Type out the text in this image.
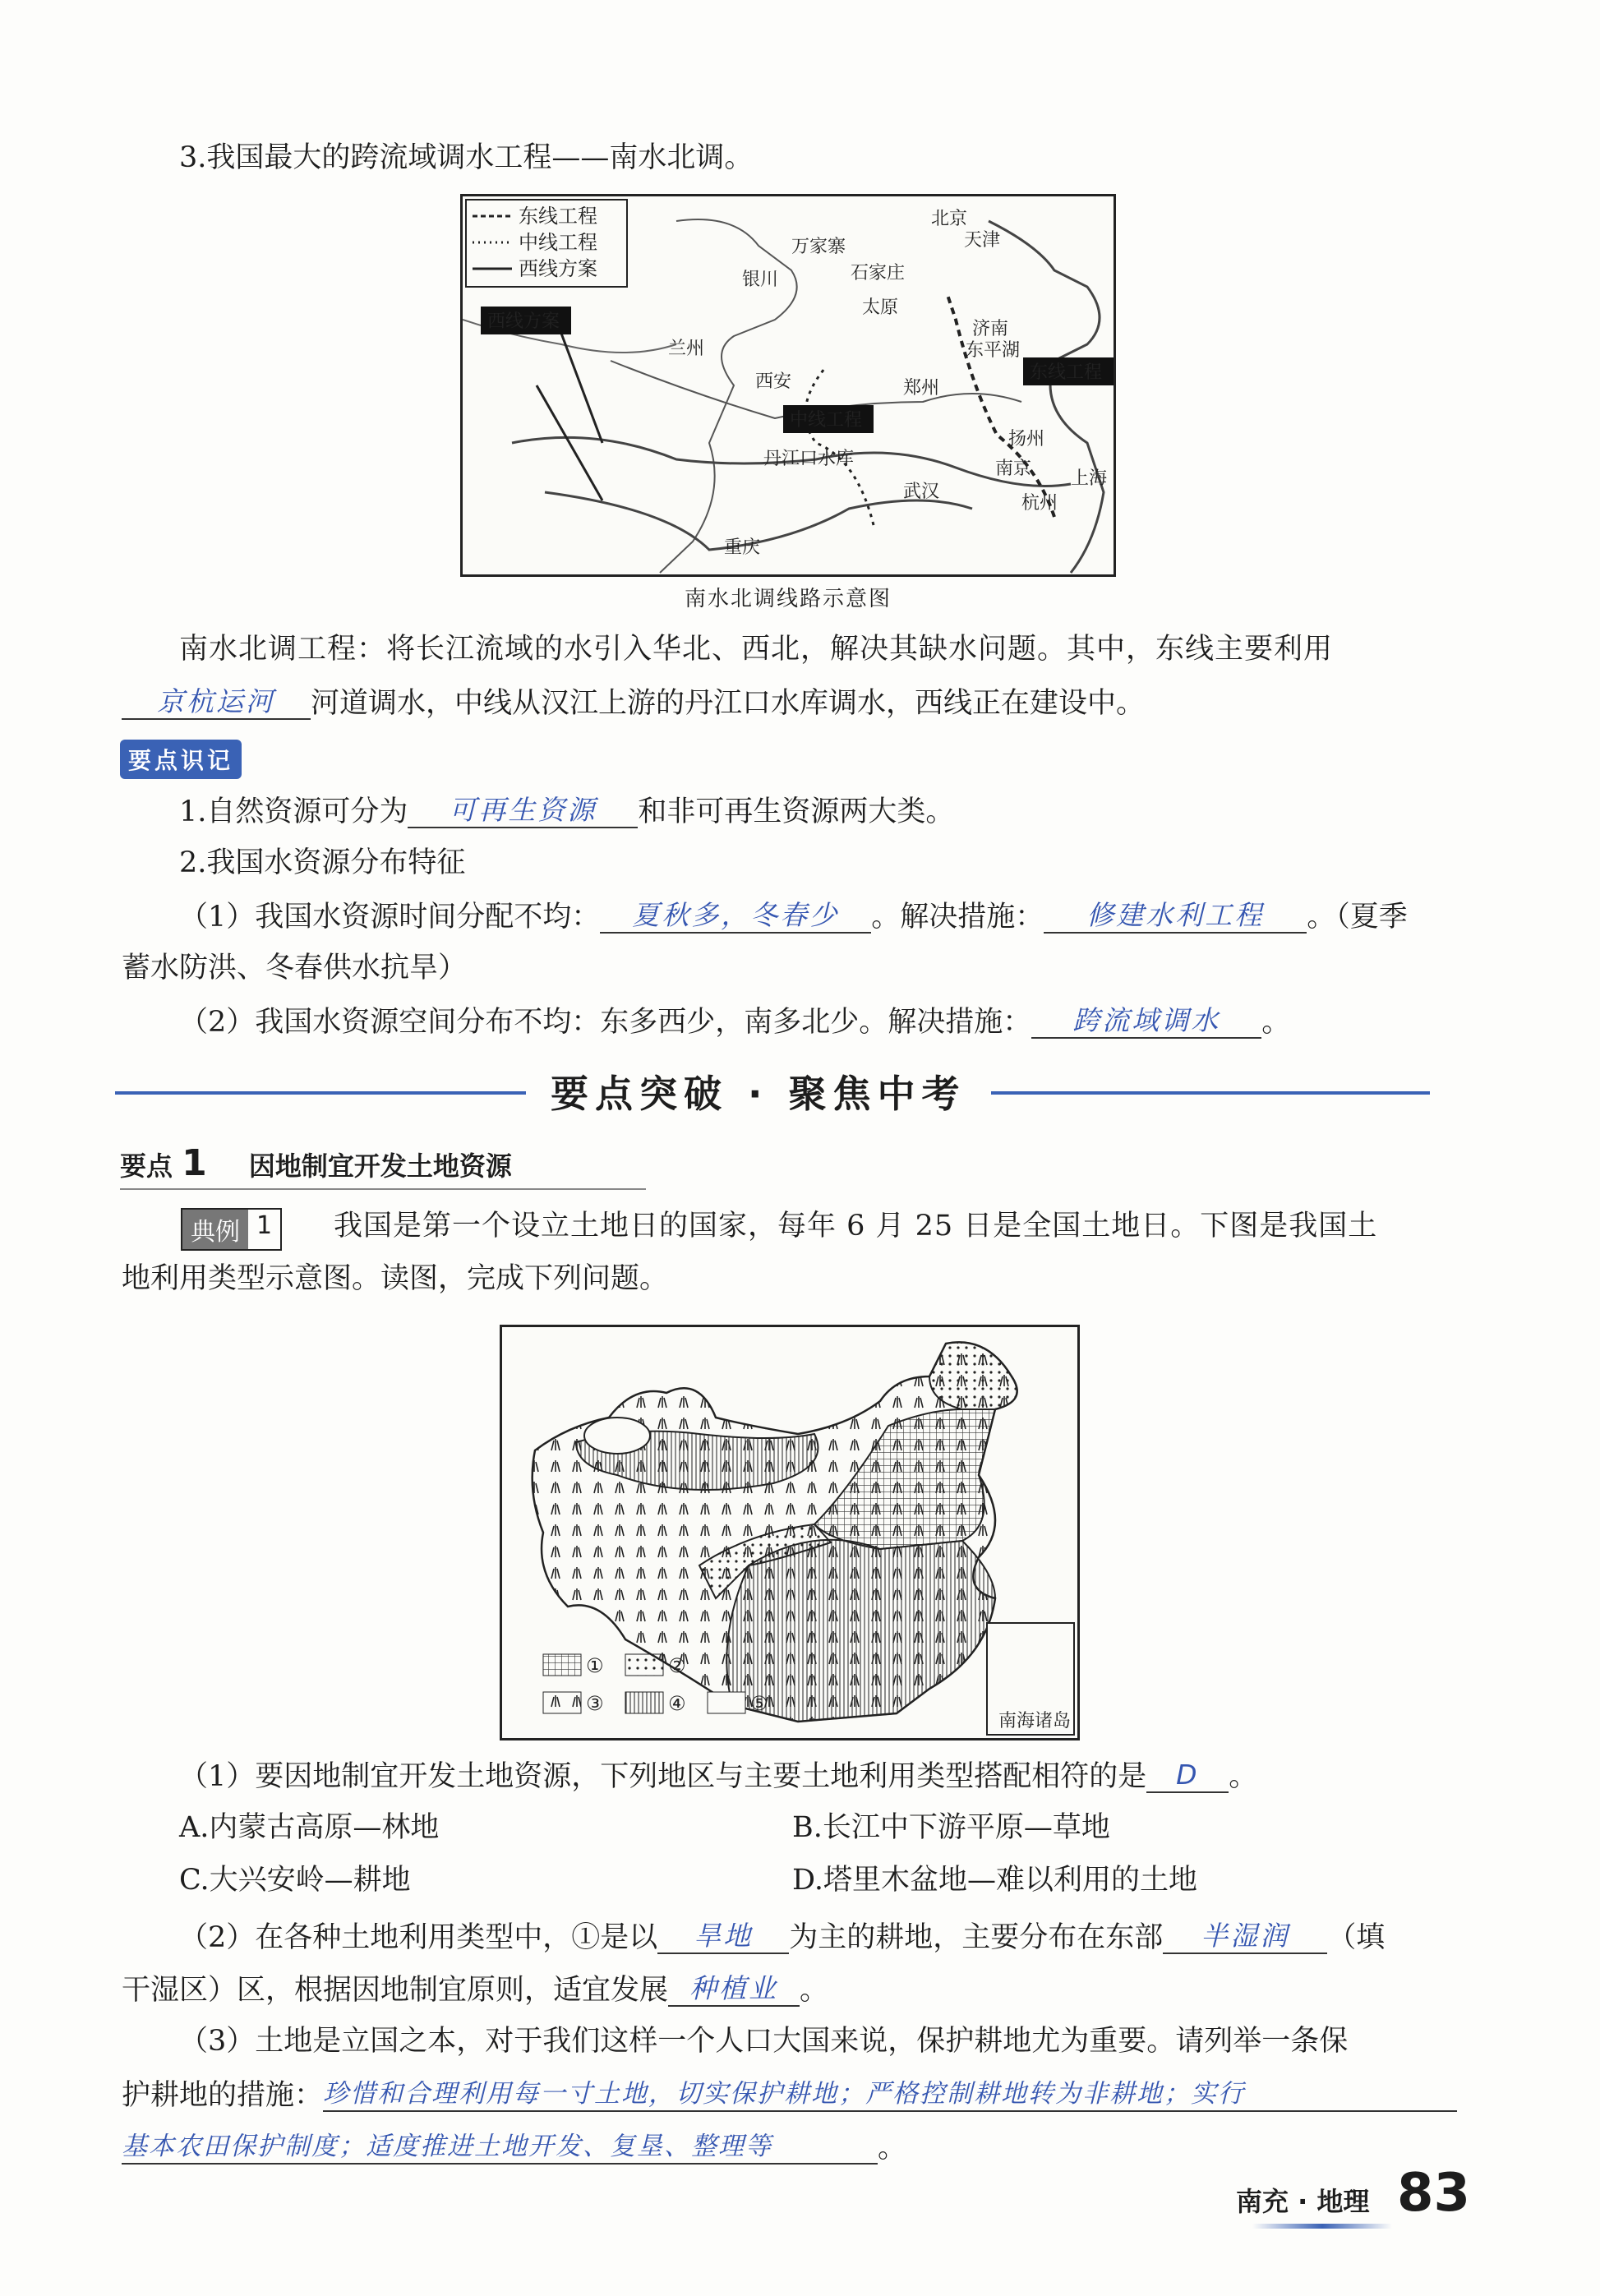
3.我国最大的跨流域调水工程——南水北调。
东线工程
中线工程
西线方案
北京
天津
万家寨
石家庄
银川
太原
兰州
济南
东平湖
西安	郑州
扬州
南京 上海
杭州
武汉
重庆
丹江口水库
西线方案
中线工程
东线工程
南水北调线路示意图
南水北调工程：将长江流域的水引入华北、西北，解决其缺水问题。其中，东线主要利用
京杭运河 河道调水，中线从汉江上游的丹江口水库调水，西线正在建设中。
要点识记
1.自然资源可分为 可再生资源 和非可再生资源两大类。
2.我国水资源分布特征
（1）我国水资源时间分配不均： 夏秋多，冬春少 。解决措施： 修建水利工程 。（夏季
蓄水防洪、冬春供水抗旱）
（2）我国水资源空间分布不均：东多西少，南多北少。解决措施： 跨流域调水 。
要点突破 · 聚焦中考
要点 1 因地制宜开发土地资源
典例 1 我国是第一个设立土地日的国家，每年 6 月 25 日是全国土地日。下图是我国土
地利用类型示意图。读图，完成下列问题。
南海诸岛
①	②
③	④	⑤
（1）要因地制宜开发土地资源，下列地区与主要土地利用类型搭配相符的是 D 。
A.内蒙古高原—林地	B.长江中下游平原—草地
C.大兴安岭—耕地	D.塔里木盆地—难以利用的土地
（2）在各种土地利用类型中，①是以 旱地 为主的耕地，主要分布在东部 半湿润 （填
干湿区）区，根据因地制宜原则，适宜发展 种植业 。
（3）土地是立国之本，对于我们这样一个人口大国来说，保护耕地尤为重要。请列举一条保
护耕地的措施：珍惜和合理利用每一寸土地，切实保护耕地；严格控制耕地转为非耕地；实行
基本农田保护制度；适度推进土地开发、复垦、整理等	。
南充 · 地理 83
